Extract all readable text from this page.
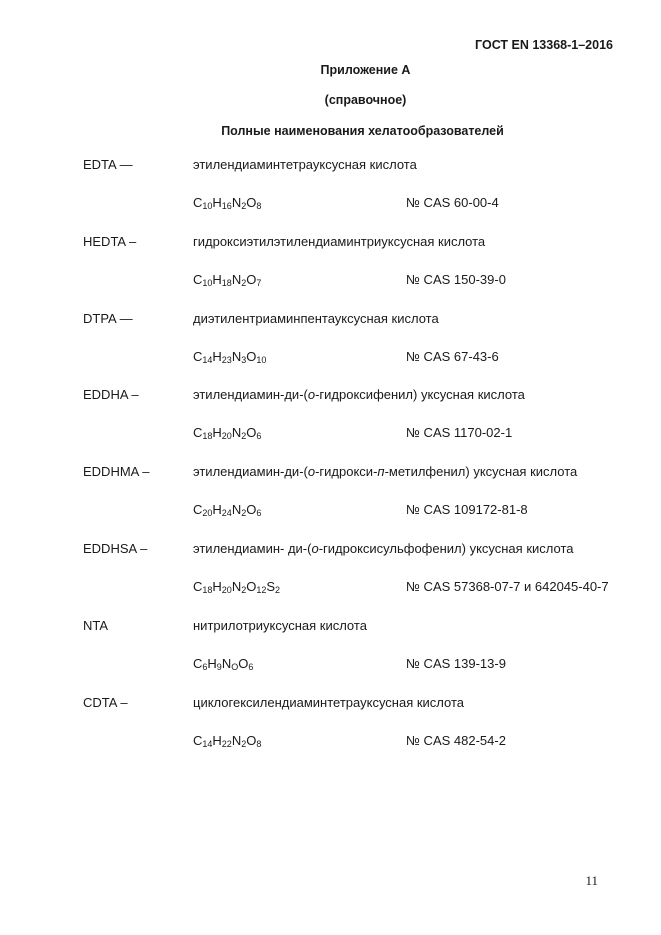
ГОСТ EN 13368-1–2016
Приложение А
(справочное)
Полные наименования хелатообразователей
EDTA —	этилендиаминтетрауксусная кислота
$C_{10}H_{16}N_2O_8$	№ CAS 60-00-4
HEDTA –	гидроксиэтилэтилендиаминтриуксусная кислота
$C_{10}H_{18}N_2O_7$	№ CAS 150-39-0
DTPA —	диэтилентриаминпентауксусная кислота
$C_{14}H_{23}N_3O_{10}$	№ CAS 67-43-6
EDDHA –	этилендиамин-ди-(о-гидроксифенил) уксусная кислота
$C_{18}H_{20}N_2O_6$	№ CAS 1170-02-1
EDDHMA –	этилендиамин-ди-(о-гидрокси-п-метилфенил) уксусная кислота
$C_{20}H_{24}N_2O_6$	№ CAS 109172-81-8
EDDHSA –	этилендиамин- ди-(о-гидроксисульфофенил) уксусная кислота
$C_{18}H_{20}N_2O_{12}S_2$	№ CAS 57368-07-7 и 642045-40-7
NTA	нитрилотриуксусная кислота
$C_6H_9N_OO_6$	№ CAS 139-13-9
CDTA –	циклогексилендиаминтетрауксусная кислота
$C_{14}H_{22}N_2O_8$	№ CAS 482-54-2
11
